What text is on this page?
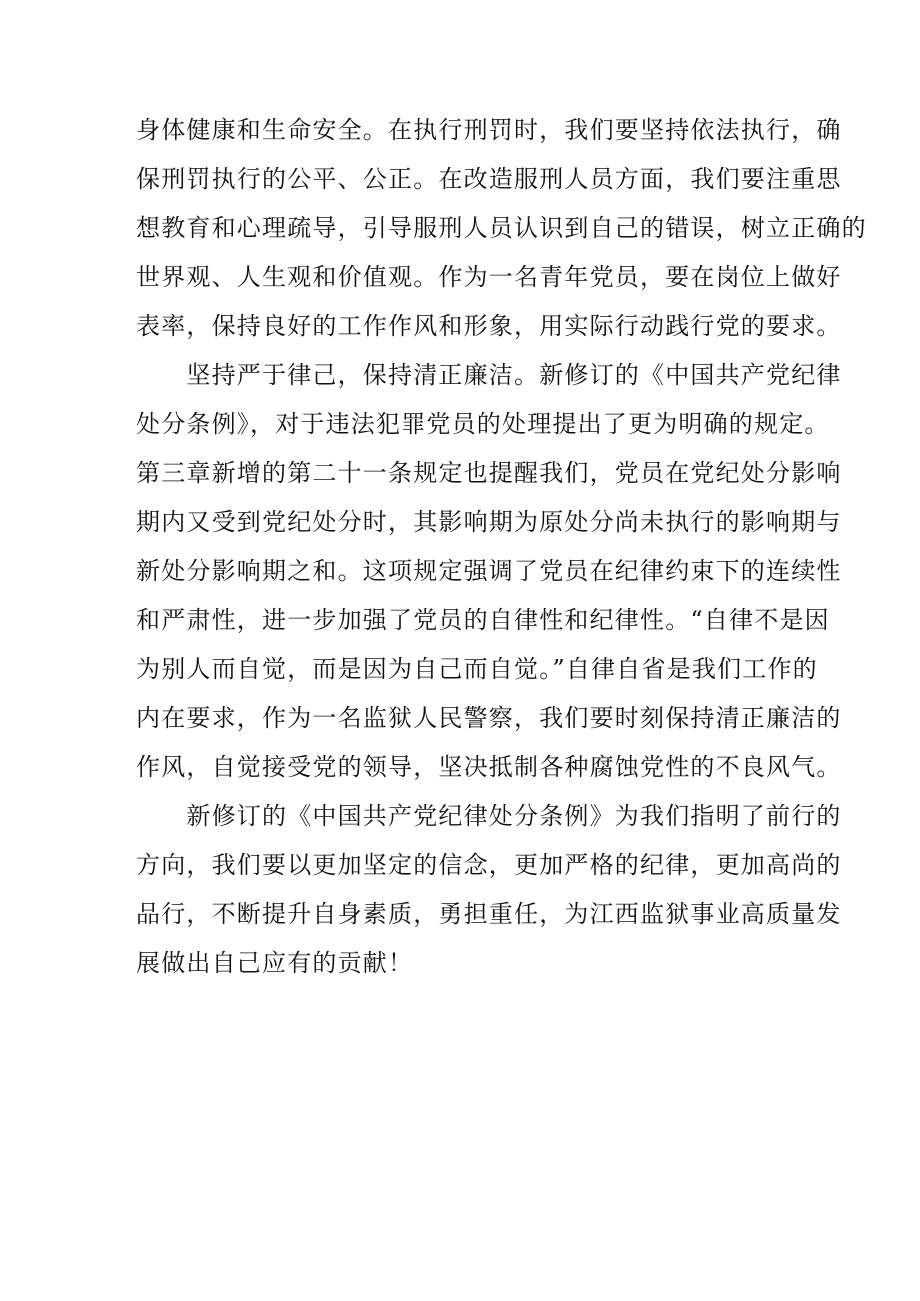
身体健康和生命安全。在执行刑罚时，我们要坚持依法执行，确
保刑罚执行的公平、公正。在改造服刑人员方面，我们要注重思
想教育和心理疏导，引导服刑人员认识到自己的错误，树立正确的
世界观、人生观和价值观。作为一名青年党员，要在岗位上做好
表率，保持良好的工作作风和形象，用实际行动践行党的要求。
　　坚持严于律己，保持清正廉洁。新修订的《中国共产党纪律
处分条例》，对于违法犯罪党员的处理提出了更为明确的规定。
第三章新增的第二十一条规定也提醒我们，党员在党纪处分影响
期内又受到党纪处分时，其影响期为原处分尚未执行的影响期与
新处分影响期之和。这项规定强调了党员在纪律约束下的连续性
和严肃性，进一步加强了党员的自律性和纪律性。“自律不是因
为别人而自觉，而是因为自己而自觉。”自律自省是我们工作的
内在要求，作为一名监狱人民警察，我们要时刻保持清正廉洁的
作风，自觉接受党的领导，坚决抵制各种腐蚀党性的不良风气。
　　新修订的《中国共产党纪律处分条例》为我们指明了前行的
方向，我们要以更加坚定的信念，更加严格的纪律，更加高尚的
品行，不断提升自身素质，勇担重任，为江西监狱事业高质量发
展做出自己应有的贡献！
